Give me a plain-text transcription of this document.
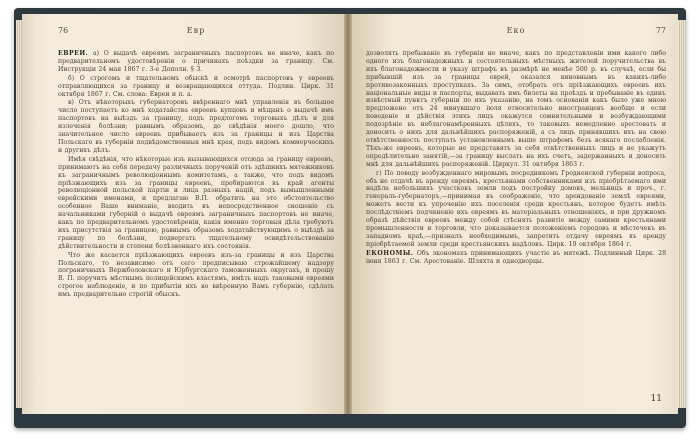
76	Евр

ЕВРЕИ. а) О выдачѣ евреямъ заграничныхъ паспортовъ не иначе, какъ по предварительномъ удостовѣреніи о причинахъ поѣздки за границу. См. Инструкціи 24 мая 1867 г. 3-е Дополн. § 3.

б) О строгомъ и тщательномъ обыскѣ и осмотрѣ паспортовъ у евреевъ отправляющихся за границу и возвращающихся оттуда. Подлин. Цирк. 31 октября 1867 г. См. слова: Евреи и п. а.

в) Отъ нѣкоторыхъ губернаторовъ ввѣреннаго мнѣ управленія въ большое число поступаетъ ко мнѣ ходатайства евреевъ купцовъ и мѣщанъ о выдачѣ имъ паспортовъ на выѣздъ за границу, подъ предлогомъ торговыхъ дѣлъ и для излеченія болѣзни; равнымъ образомъ, до свѣдѣнія моего дошло, что значительное число евреевъ прибываетъ изъ за границы и изъ Царства Польскаго въ губерніи подвѣдомственныя мнѣ края, подъ видомъ коммерческихъ и другихъ дѣлъ.

Имѣя свѣдѣнія, что нѣкоторые изъ вызывающихся отсюда за границу евреевъ, принимаютъ на себя передачу различныхъ порученій отъ здѣшнихъ мятежниковъ къ заграничнымъ революціоннымъ комитетамъ, а также, что подъ видомъ пріѣзжающихъ изъ за границы евреевъ, пробираются въ край агенты революціонной польской партіи и лица разныхъ націй, подъ вымышленными еврейскими именами, и предлагаю В.П. обратить на это обстоятельство особенное Ваше вниманіе, входить въ непосредственное сношеніе съ начальниками губерній о выдачѣ евреямъ заграничныхъ паспортовъ не иначе, какъ по предварительномъ удостовѣреніи, какія именно торговыя дѣла требуютъ ихъ присутствія за границею, равнымъ образомъ ходатайствующимъ о выѣздѣ за границу по болѣзни, подвергать тщательному освидѣтельствованію дѣйствительности и степени болѣзненнаго ихъ состоянія.

Что же касается пріѣзжающихъ евреевъ изъ-за границы и изъ Царства Польскаго, то независимо отъ сего предписываю строжайшему надзору пограничныхъ Вержболовскаго и Юрбургскаго таможенныхъ округахъ, и прошу В. П. поручить мѣстнымъ полицейскимъ властямъ, имѣть надъ таковыми евреями строгое наблюденіе, и по прибытіи ихъ во ввѣренную Вамъ губернію, сдѣлать имъ предварительно строгій обыскъ.

Eко	77

дозволять пребываніе въ губерніи не иначе, какъ по представленіи ими какого либо одного изъ благонадежныхъ и состоятельныхъ мѣстныхъ жителей поручительства въ ихъ благонадежности и указу штрафъ въ размѣрѣ не менѣе 500 р. въ случаѣ, если бы прибывшій изъ за границы еврей, оказался виновнымъ въ какихъ-либо противозаконныхъ проступкахъ. За симъ, отобрать отъ пріѣзжающихъ евреевъ ихъ національные виды и паспорты, выдавать имъ билеты на проѣздъ и пребываніе въ единъ извѣстный пунктъ губерніи по ихъ указанію, на томъ основаніи какъ было уже мною предложено отъ 24 минувшаго іюля относительно иностранцевъ вообще и если поведеніе и дѣйствія этихъ лицъ окажутся сомнительными и возбуждающими подозрѣніе въ неблагонамѣренныхъ цѣляхъ, то таковыхъ немедленно арестовать и доносить о нихъ для дальнѣйшихъ распоряженій, а съ лицъ принявшихъ ихъ на свою отвѣтственность поступать установленнымъ выше штрафомъ безъ всякаго послабленія. Тѣхъ-же евреевъ, которые не представятъ за себя отвѣтственныхъ лицъ и не укажутъ опредѣлительно занятій,—за границу выслать на ихъ счетъ, задержанныхъ и доносить мнѣ для дальнѣйшихъ распоряженій. Циркул. 31 октября 1863 г.

г) По поводу возбужденнаго мировымъ посредникомъ Гродненской губерніи вопроса, объ не отдачѣ въ аренду евреямъ, крестьянами собственниками изъ пріобрѣтаемаго ими надѣла небольшихъ участковъ земли подъ постройку домовъ, мельницъ и проч., г. генералъ-губернаторъ,—принимая въ соображеніе, что арендованіе землѣ евреями, можетъ вести къ упроченію ихъ поселенія среди крестьянъ, которое будетъ имѣть послѣдствіемъ подчиненіе ихъ евреямъ въ матеріальныхъ отношеніяхъ, и при дружномъ образѣ дѣйствія евреевъ между собой стѣснять развитіе между самими крестьянами промышленности и торговли, что доказывается положеніемъ городовъ и мѣстечекъ въ западномъ краѣ,—призналъ необходимымъ, запретить отдачу евреямъ въ аренду пріобрѣтаемой земли среди крестьянскихъ надѣловъ. Цирк. 19 октября 1864 г.

ЕКОНОМЫ. Объ экономахъ принимающихъ участіе въ мятежѣ. Подлинный Цирк. 28 іюня 1863 г. См. Арестованіе. Шляхта и однодворцы.

11
